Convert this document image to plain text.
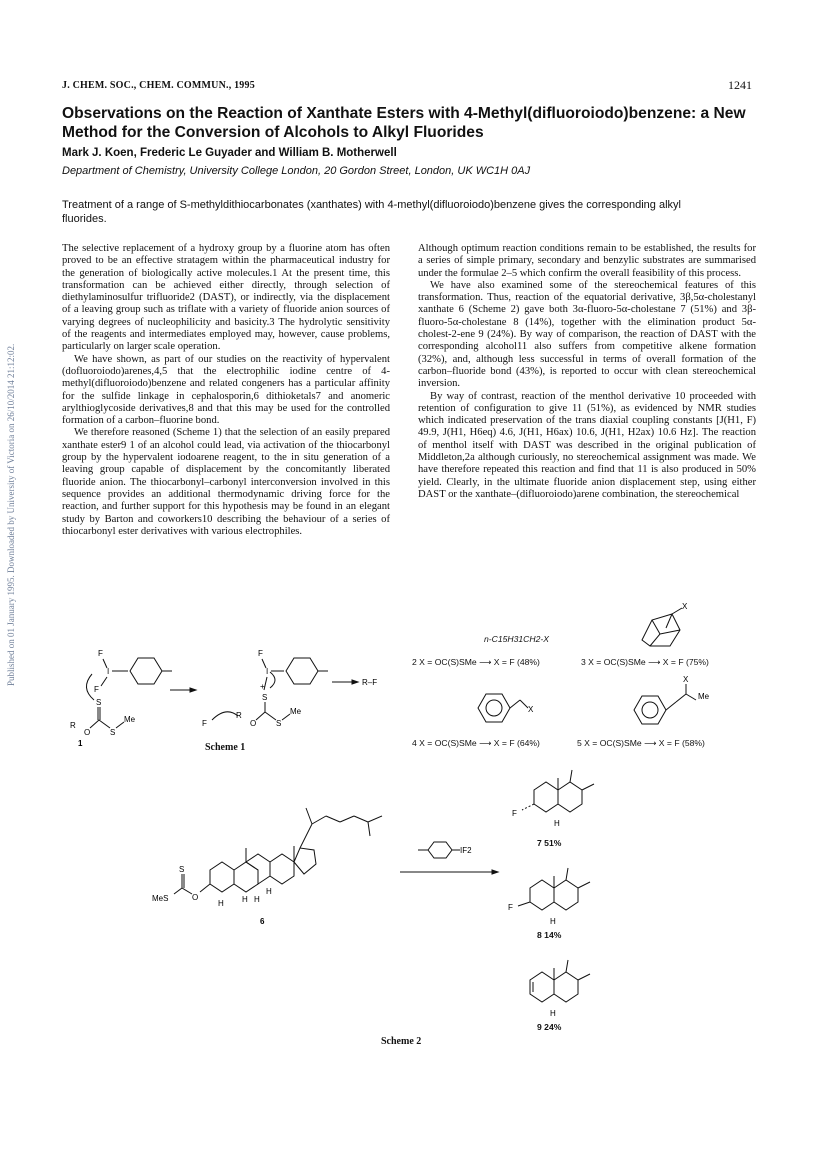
J. CHEM. SOC., CHEM. COMMUN., 1995	1241
Observations on the Reaction of Xanthate Esters with 4-Methyl(difluoroiodo)benzene: a New Method for the Conversion of Alcohols to Alkyl Fluorides
Mark J. Koen, Frederic Le Guyader and William B. Motherwell
Department of Chemistry, University College London, 20 Gordon Street, London, UK WC1H 0AJ
Treatment of a range of S-methyldithiocarbonates (xanthates) with 4-methyl(difluoroiodo)benzene gives the corresponding alkyl fluorides.
Published on 01 January 1995. Downloaded by University of Victoria on 26/10/2014 21:12:02.

The selective replacement of a hydroxy group by a fluorine atom has often proved to be an effective stratagem within the pharmaceutical industry for the generation of biologically active molecules.1 At the present time, this transformation can be achieved either directly, through selection of diethylaminosulfur trifluoride2 (DAST), or indirectly, via the displacement of a leaving group such as triflate with a variety of fluoride anion sources of varying degrees of nucleophilicity and basicity.3 The hydrolytic sensitivity of the reagents and intermediates employed may, however, cause problems, particularly on larger scale operation.

We have shown, as part of our studies on the reactivity of hypervalent (dofluoroiodo)arenes,4,5 that the electrophilic iodine centre of 4-methyl(difluoroiodo)benzene and related congeners has a particular affinity for the sulfide linkage in cephalosporin,6 dithioketals7 and anomeric arylthioglycoside derivatives,8 and that this may be used for the controlled formation of a carbon–fluorine bond.

We therefore reasoned (Scheme 1) that the selection of an easily prepared xanthate ester9 1 of an alcohol could lead, via activation of the thiocarbonyl group by the hypervalent iodoarene reagent, to the in situ generation of a leaving group capable of displacement by the concomitantly liberated fluoride anion. The thiocarbonyl–carbonyl interconversion involved in this sequence provides an additional thermodynamic driving force for the reaction, and further support for this hypothesis may be found in an elegant study by Barton and coworkers10 describing the behaviour of a series of thiocarbonyl ester derivatives with various electrophiles.

Although optimum reaction conditions remain to be established, the results for a series of simple primary, secondary and benzylic substrates are summarised under the formulae 2–5 which confirm the overall feasibility of this process.

We have also examined some of the stereochemical features of this transformation. Thus, reaction of the equatorial derivative, 3β,5α-cholestanyl xanthate 6 (Scheme 2) gave both 3α-fluoro-5α-cholestane 7 (51%) and 3β-fluoro-5α-cholestane 8 (14%), together with the elimination product 5α-cholest-2-ene 9 (24%). By way of comparison, the reaction of DAST with the corresponding alcohol11 also suffers from competitive alkene formation (32%), and, although less successful in terms of overall formation of the carbon–fluoride bond (43%), is reported to occur with clean stereochemical inversion.

By way of contrast, reaction of the menthol derivative 10 proceeded with retention of configuration to give 11 (51%), as evidenced by NMR studies which indicated preservation of the trans diaxial coupling constants [J(H1, F) 49.9, J(H1, H6eq) 4.6, J(H1, H6ax) 10.6, J(H1, H2ax) 10.6 Hz]. The reaction of menthol itself with DAST was described in the original publication of Middleton,2a although curiously, no stereochemical assignment was made. We have therefore repeated this reaction and find that 11 is also produced in 50% yield. Clearly, in the ultimate fluoride anion displacement step, using either DAST or the xanthate–(difluoroiodo)arene combination, the stereochemical

F
I
F
S
O
R
S
Me
1
F
I
+
S
O
R
S
Me
F
R–F
Scheme 1
X
n-C15H31CH2-X
2 X = OC(S)SMe ⟶ X = F (48%)	3 X = OC(S)SMe ⟶ X = F (75%)
X
X
Me
4 X = OC(S)SMe ⟶ X = F (64%)	5 X = OC(S)SMe ⟶ X = F (58%)
H H
H
H
O
S
MeS
6
IF2
F
H
7 51%
F
H
8 14%
H
9 24%
Scheme 2
